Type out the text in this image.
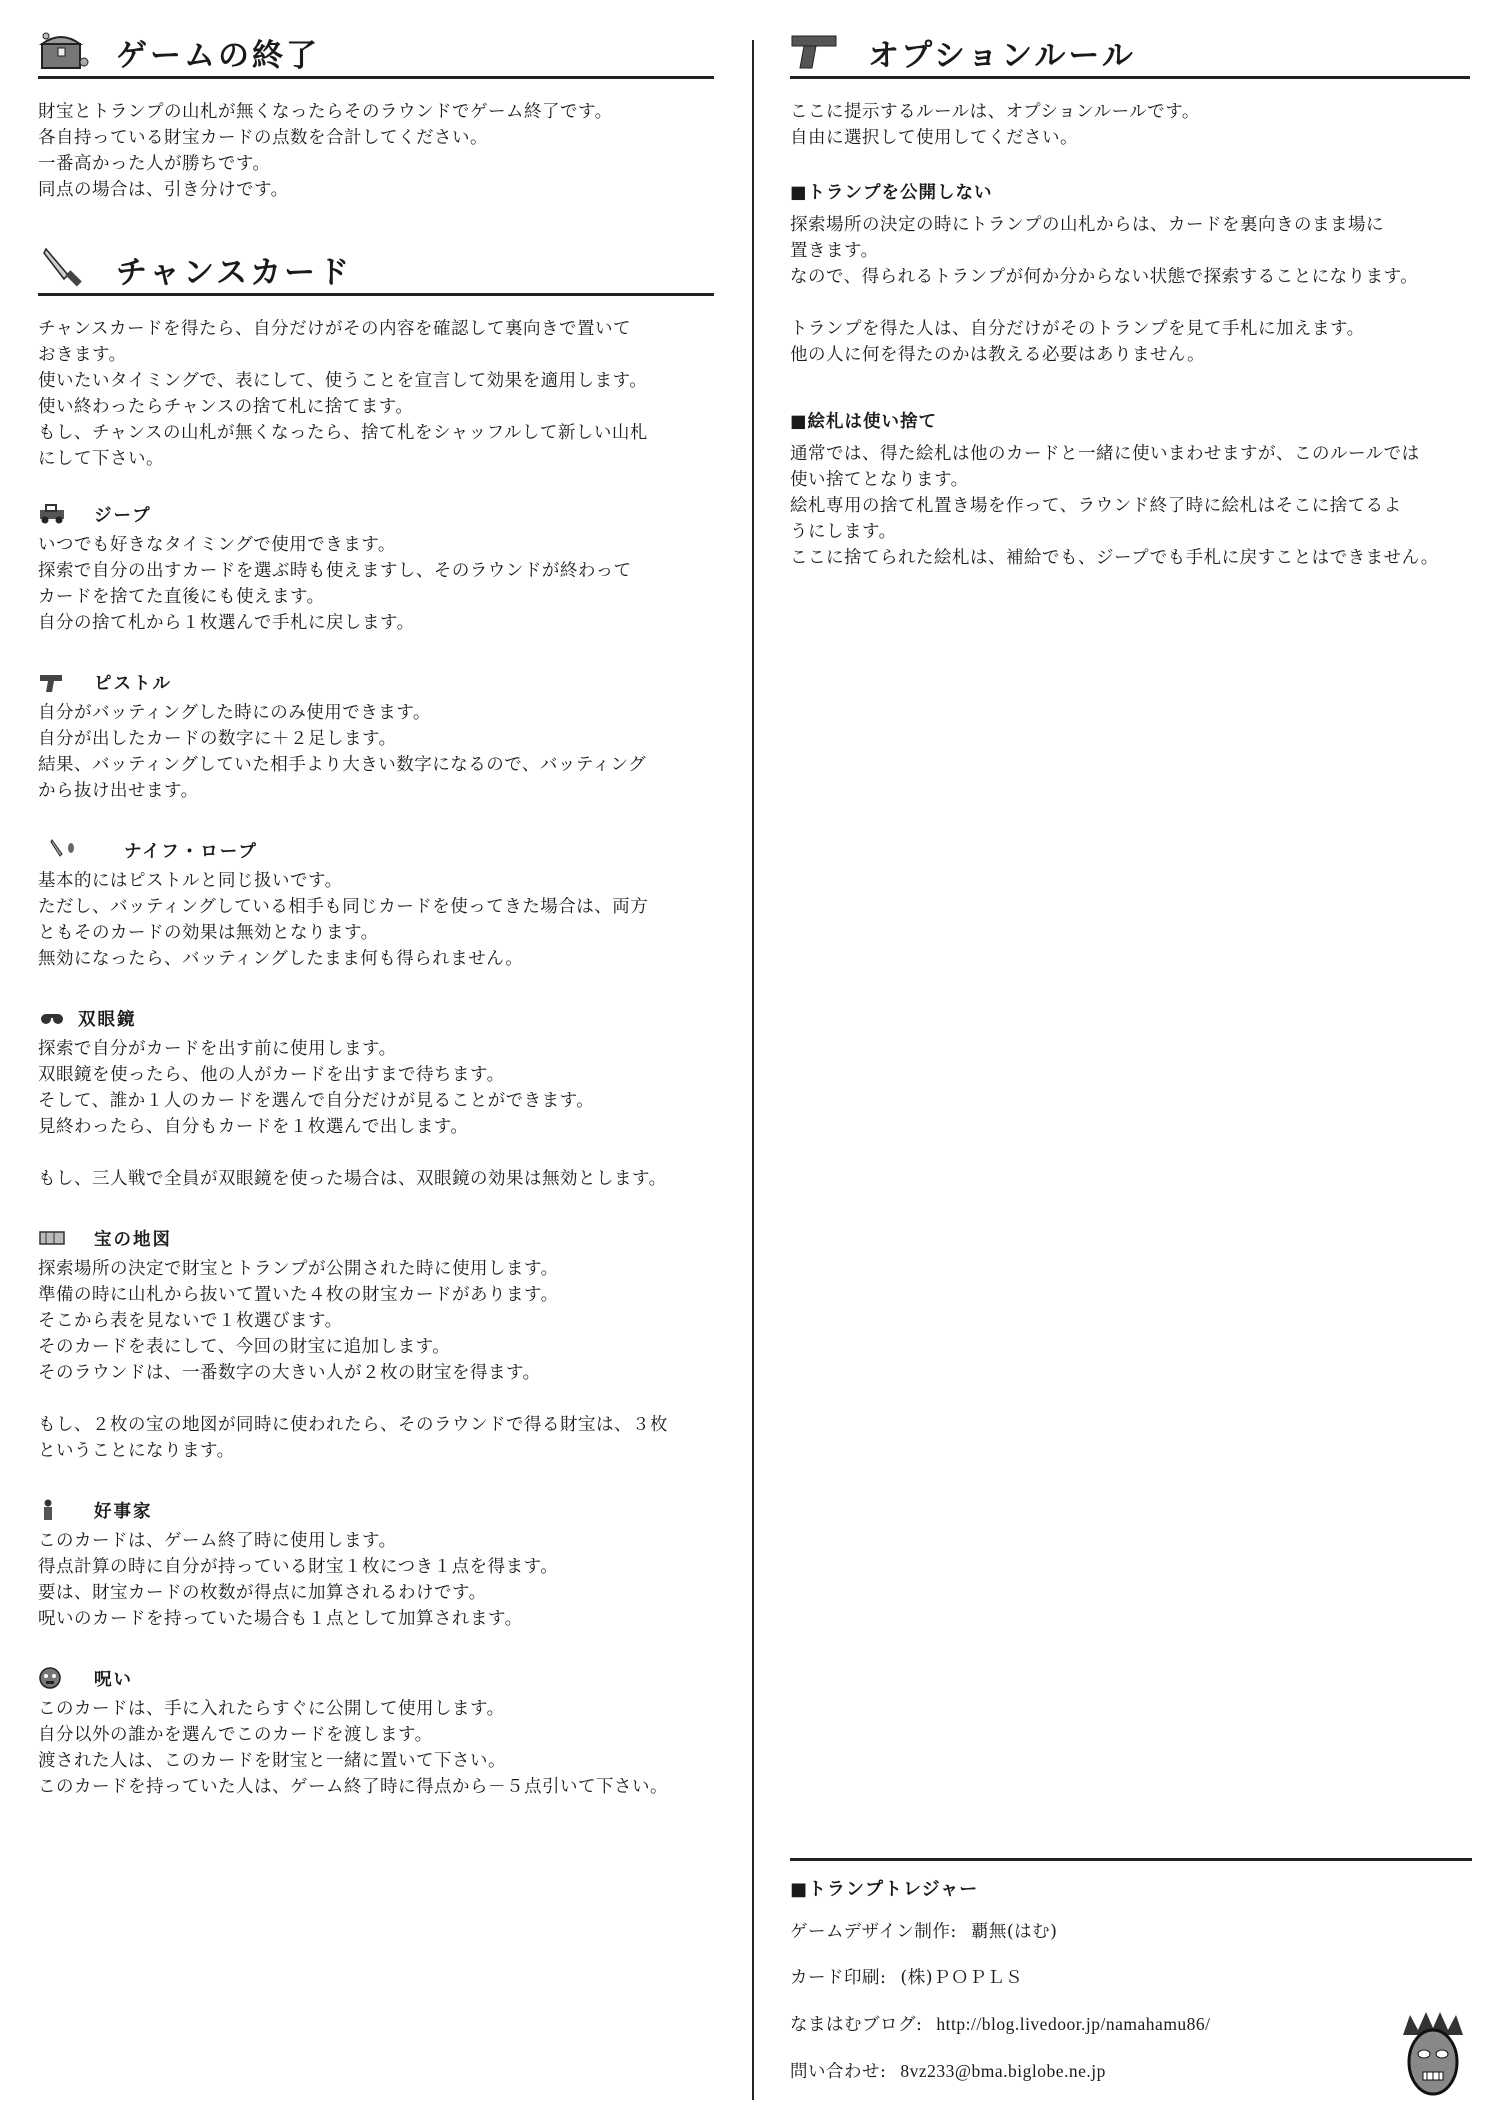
ゲームの終了

財宝とトランプの山札が無くなったらそのラウンドでゲーム終了です。
各自持っている財宝カードの点数を合計してください。
一番高かった人が勝ちです。
同点の場合は、引き分けです。

チャンスカード

チャンスカードを得たら、自分だけがその内容を確認して裏向きで置いて
おきます。
使いたいタイミングで、表にして、使うことを宣言して効果を適用します。
使い終わったらチャンスの捨て札に捨てます。
もし、チャンスの山札が無くなったら、捨て札をシャッフルして新しい山札
にして下さい。

ジープ

いつでも好きなタイミングで使用できます。
探索で自分の出すカードを選ぶ時も使えますし、そのラウンドが終わって
カードを捨てた直後にも使えます。
自分の捨て札から１枚選んで手札に戻します。

ピストル

自分がバッティングした時にのみ使用できます。
自分が出したカードの数字に＋２足します。
結果、バッティングしていた相手より大きい数字になるので、バッティング
から抜け出せます。

ナイフ・ロープ

基本的にはピストルと同じ扱いです。
ただし、バッティングしている相手も同じカードを使ってきた場合は、両方
ともそのカードの効果は無効となります。
無効になったら、バッティングしたまま何も得られません。

双眼鏡

探索で自分がカードを出す前に使用します。
双眼鏡を使ったら、他の人がカードを出すまで待ちます。
そして、誰か１人のカードを選んで自分だけが見ることができます。
見終わったら、自分もカードを１枚選んで出します。

もし、三人戦で全員が双眼鏡を使った場合は、双眼鏡の効果は無効とします。

宝の地図

探索場所の決定で財宝とトランプが公開された時に使用します。
準備の時に山札から抜いて置いた４枚の財宝カードがあります。
そこから表を見ないで１枚選びます。
そのカードを表にして、今回の財宝に追加します。
そのラウンドは、一番数字の大きい人が２枚の財宝を得ます。

もし、２枚の宝の地図が同時に使われたら、そのラウンドで得る財宝は、３枚
ということになります。

好事家

このカードは、ゲーム終了時に使用します。
得点計算の時に自分が持っている財宝１枚につき１点を得ます。
要は、財宝カードの枚数が得点に加算されるわけです。
呪いのカードを持っていた場合も１点として加算されます。

呪い

このカードは、手に入れたらすぐに公開して使用します。
自分以外の誰かを選んでこのカードを渡します。
渡された人は、このカードを財宝と一緒に置いて下さい。
このカードを持っていた人は、ゲーム終了時に得点から－５点引いて下さい。

オプションルール

ここに提示するルールは、オプションルールです。
自由に選択して使用してください。

■ トランプを公開しない

探索場所の決定の時にトランプの山札からは、カードを裏向きのまま場に
置きます。
なので、得られるトランプが何か分からない状態で探索することになります。

トランプを得た人は、自分だけがそのトランプを見て手札に加えます。
他の人に何を得たのかは教える必要はありません。

■ 絵札は使い捨て

通常では、得た絵札は他のカードと一緒に使いまわせますが、このルールでは
使い捨てとなります。
絵札専用の捨て札置き場を作って、ラウンド終了時に絵札はそこに捨てるよ
うにします。
ここに捨てられた絵札は、補給でも、ジープでも手札に戻すことはできません。

■ トランプトレジャー
ゲームデザイン制作: 覇無(はむ)
カード印刷: (株)ＰＯＰＬＳ
なまはむブログ: http://blog.livedoor.jp/namahamu86/
問い合わせ: 8vz233@bma.biglobe.ne.jp
